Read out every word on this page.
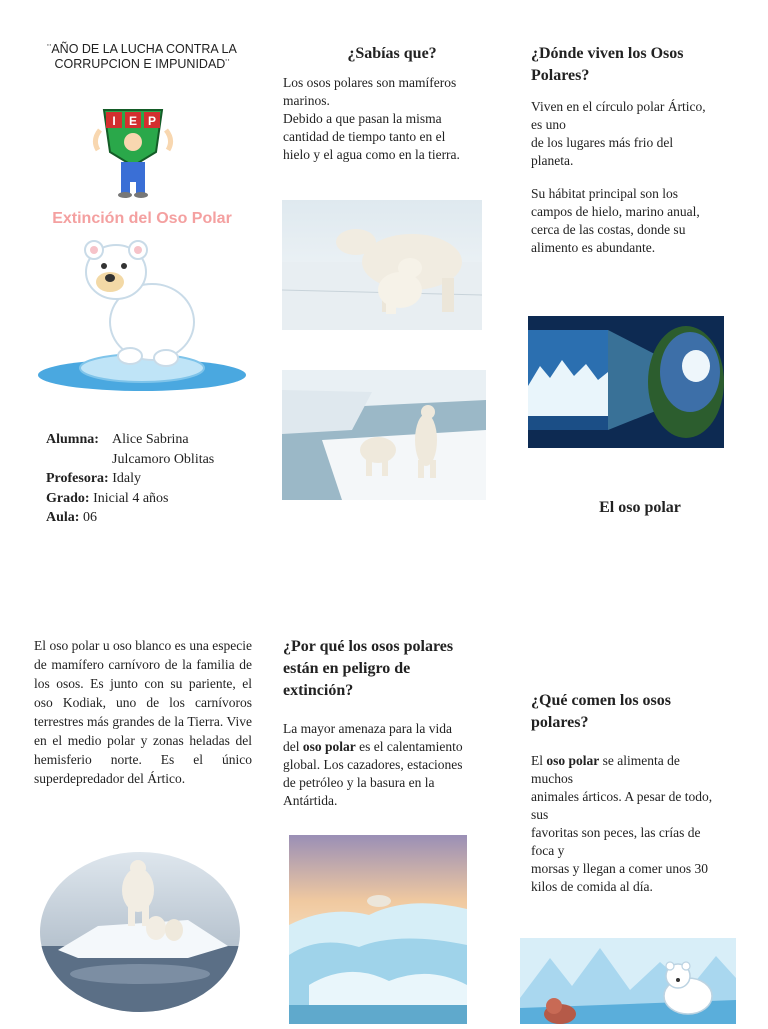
¨AÑO DE LA LUCHA CONTRA LA CORRUPCION E IMPUNIDAD¨
I E P
Extinción del Oso Polar
Alumna: Alice Sabrina
Julcamoro Oblitas
Profesora: Idaly
Grado: Inicial 4 años
Aula: 06
¿Sabías que?
Los osos polares son mamíferos
marinos.
Debido a que pasan la misma
cantidad de tiempo tanto en el
hielo y el agua como en la tierra.
¿Dónde viven los Osos
Polares?
Viven en el círculo polar Ártico,
es uno
de los lugares más frio del
planeta.
Su hábitat principal son los
campos de hielo, marino anual,
cerca de las costas, donde su
alimento es abundante.
El oso polar
El oso polar u oso blanco es una especie de mamífero carnívoro de la familia de los osos. Es junto con su pariente, el oso Kodiak, uno de los carnívoros terrestres más grandes de la Tierra. Vive en el medio polar y zonas heladas del hemisferio norte. Es el único superdepredador del Ártico.
¿Por qué los osos polares
están en peligro de
extinción?
La mayor amenaza para la vida
del oso polar es el calentamiento
global. Los cazadores, estaciones
de petróleo y la basura en la
Antártida.
¿Qué comen los osos
polares?
El oso polar se alimenta de
muchos
animales árticos. A pesar de todo,
sus
favoritas son peces, las crías de
foca y
morsas y llegan a comer unos 30
kilos de comida al día.
